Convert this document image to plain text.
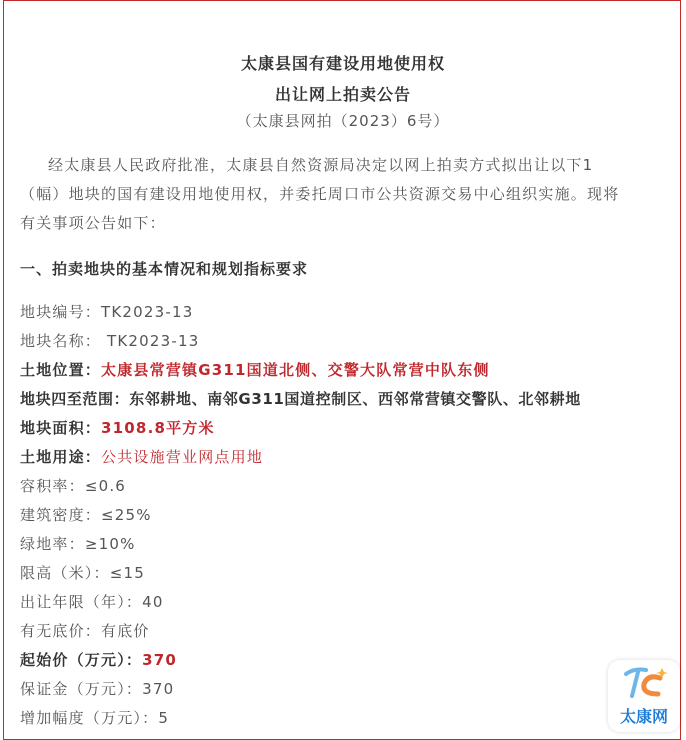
太康县国有建设用地使用权
出让网上拍卖公告
（太康县网拍（2023）6号）
经太康县人民政府批准，太康县自然资源局决定以网上拍卖方式拟出让以下1
（幅）地块的国有建设用地使用权，并委托周口市公共资源交易中心组织实施。现将
有关事项公告如下：
一、拍卖地块的基本情况和规划指标要求
地块编号：TK2023-13
地块名称： TK2023-13
土地位置：太康县常营镇G311国道北侧、交警大队常营中队东侧
地块四至范围：东邻耕地、南邻G311国道控制区、西邻常营镇交警队、北邻耕地
地块面积：3108.8平方米
土地用途：公共设施营业网点用地
容积率：≤0.6
建筑密度：≤25%
绿地率：≥10%
限高（米）：≤15
出让年限（年）：40
有无底价：有底价
起始价（万元）：370
保证金（万元）：370
增加幅度（万元）：5	太康网
